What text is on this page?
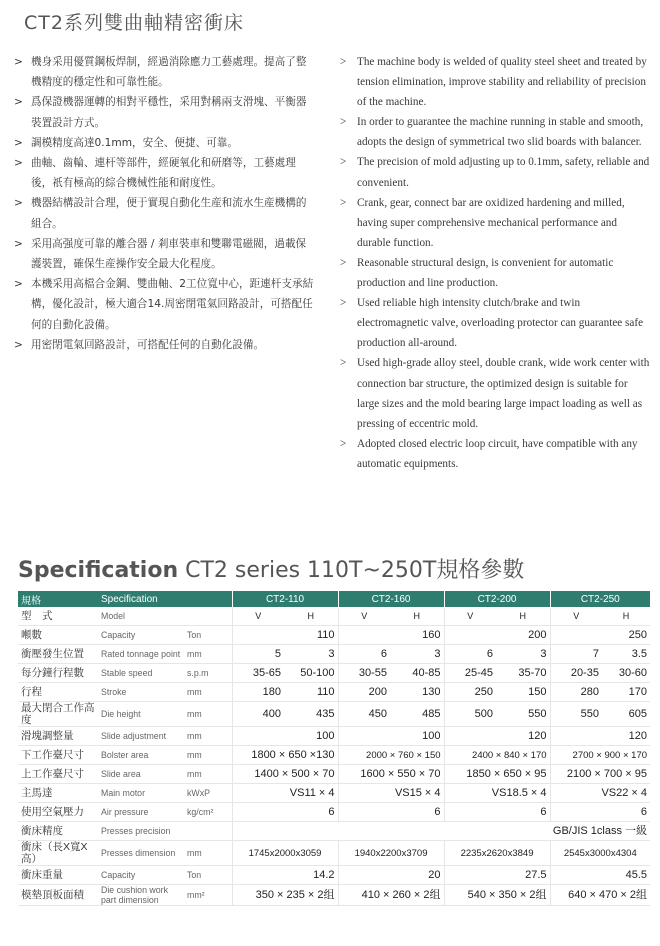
CT2系列雙曲軸精密衝床
> 機身采用優質鋼板焊制，經過消除應力工藝處理。提高了整機精度的穩定性和可靠性能。
> 爲保證機器運轉的相對平穩性，采用對稱兩支滑塊、平衡器裝置設計方式。
> 調模精度高達0.1mm，安全、便捷、可靠。
> 曲軸、齒輪、連杆等部件，經硬氧化和研磨等，工藝處理後，祇有極高的綜合機械性能和耐度性。
> 機器結構設計合理，便于實現自動化生産和流水生産機構的組合。
> 采用高强度可靠的離合器 / 剎車裝車和雙聯電磁閥，過載保護裝置，確保生産操作安全最大化程度。
> 本機采用高檔合金鋼、雙曲軸、2工位寬中心，距連杆支承結構，優化設計，極大適合14.周密閉電氣回路設計，可搭配任何的自動化設備。
> 用密閉電氣回路設計，可搭配任何的自動化設備。
> The machine body is welded of quality steel sheet and treated by tension elimination, improve stability and reliability of precision of the machine.
> In order to guarantee the machine running in stable and smooth, adopts the design of symmetrical two slid boards with balancer.
> The precision of mold adjusting up to 0.1mm, safety, reliable and convenient.
> Crank, gear, connect bar are oxidized hardening and milled, having super comprehensive mechanical performance and durable function.
> Reasonable structural design, is convenient for automatic production and line production.
> Used reliable high intensity clutch/brake and twin electromagnetic valve, overloading protector can guarantee safe production all-around.
> Used high-grade alloy steel, double crank, wide work center with connection bar structure, the optimized design is suitable for large sizes and the mold bearing large impact loading as well as pressing of eccentric mold.
> Adopted closed electric loop circuit, have compatible with any automatic equipments.
Specification CT2 series 110T~250T規格參數
規格	Specification		CT2-110		CT2-160		CT2-200		CT2-250	
型　式	Model		V	H	V	H	V	H	V	H
噸數	Capacity	Ton	110		160		200		250	
衝壓發生位置	Rated tonnage point	mm	5	3	6	3	6	3	7	3.5
每分鐘行程數	Stable speed	s.p.m	35-65	50-100	30-55	40-85	25-45	35-70	20-35	30-60
行程	Stroke	mm	180	110	200	130	250	150	280	170
最大閉合工作高度	Die height	mm	400	435	450	485	500	550	550	605
滑塊調整量	Slide adjustment	mm	100		100		120		120	
下工作臺尺寸	Bolster area	mm	1800 × 650 ×130		2000 × 760 × 150		2400 × 840 × 170		2700 × 900 × 170	
上工作臺尺寸	Slide area	mm	1400 × 500 × 70		1600 × 550 × 70		1850 × 650 × 95		2100 × 700 × 95	
主馬達	Main motor	kWxP	VS11 × 4		VS15 × 4		VS18.5 × 4		VS22 × 4	
使用空氣壓力	Air pressure	kg/cm²	6		6		6		6	
衝床精度	Presses precision		GB/JIS 1class 一級							
衝床（長X寬X高）	Presses dimension	mm	1745x2000x3059		1940x2200x3709		2235x2620x3849		2545x3000x4304	
衝床重量	Capacity	Ton	14.2		20		27.5		45.5	
模墊頂板面積	Die cushion work part dimension	mm²	350 × 235 × 2组		410 × 260 × 2组		540 × 350 × 2组		640 × 470 × 2组	
